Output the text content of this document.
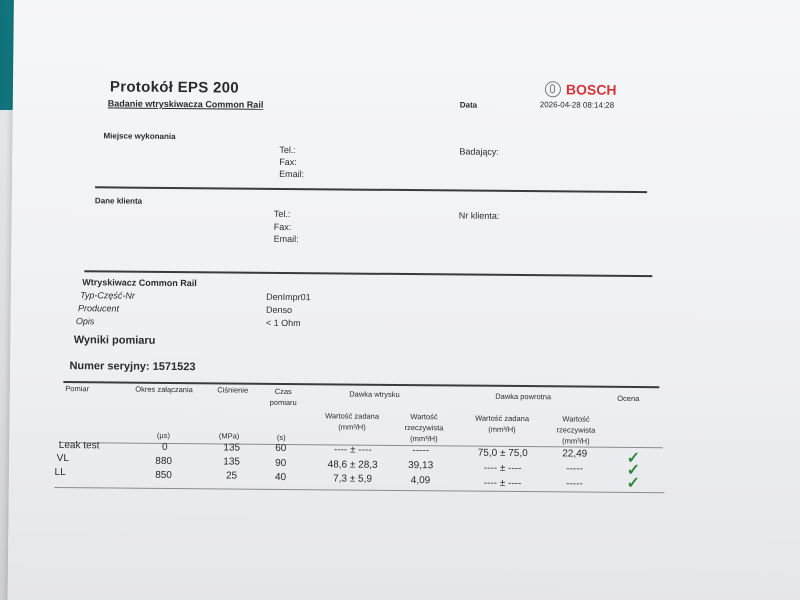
Protokół EPS 200
Badanie wtryskiwacza Common Rail	Data	2026-04-28 08:14:28
BOSCH
Miejsce wykonania
Tel.:
Fax:
Email:
Badający:
Dane klienta
Tel.:
Fax:
Email:
Nr klienta:
Wtryskiwacz Common Rail
Typ-Część-Nr	DenImpr01
Producent	Denso
Opis	< 1 Ohm
Wyniki pomiaru
Numer seryjny: 1571523
Pomiar	Okres załączania	Ciśnienie	Czas pomiaru
Dawka wtrysku	Dawka powrotna	Ocena
Wartość zadana (mm³/H)
Wartość rzeczywista (mm³/H)
Wartość zadana (mm³/H)
Wartość rzeczywista (mm³/H)
(µs)	(MPa)	(s)
Leak test	0	135	60	---- ± ----	-----	75,0 ± 75,0	22,49	✓
VL	880	135	90	48,6 ± 28,3	39,13	---- ± ----	-----	✓
LL	850	25	40	7,3 ± 5,9	4,09	---- ± ----	-----	✓
